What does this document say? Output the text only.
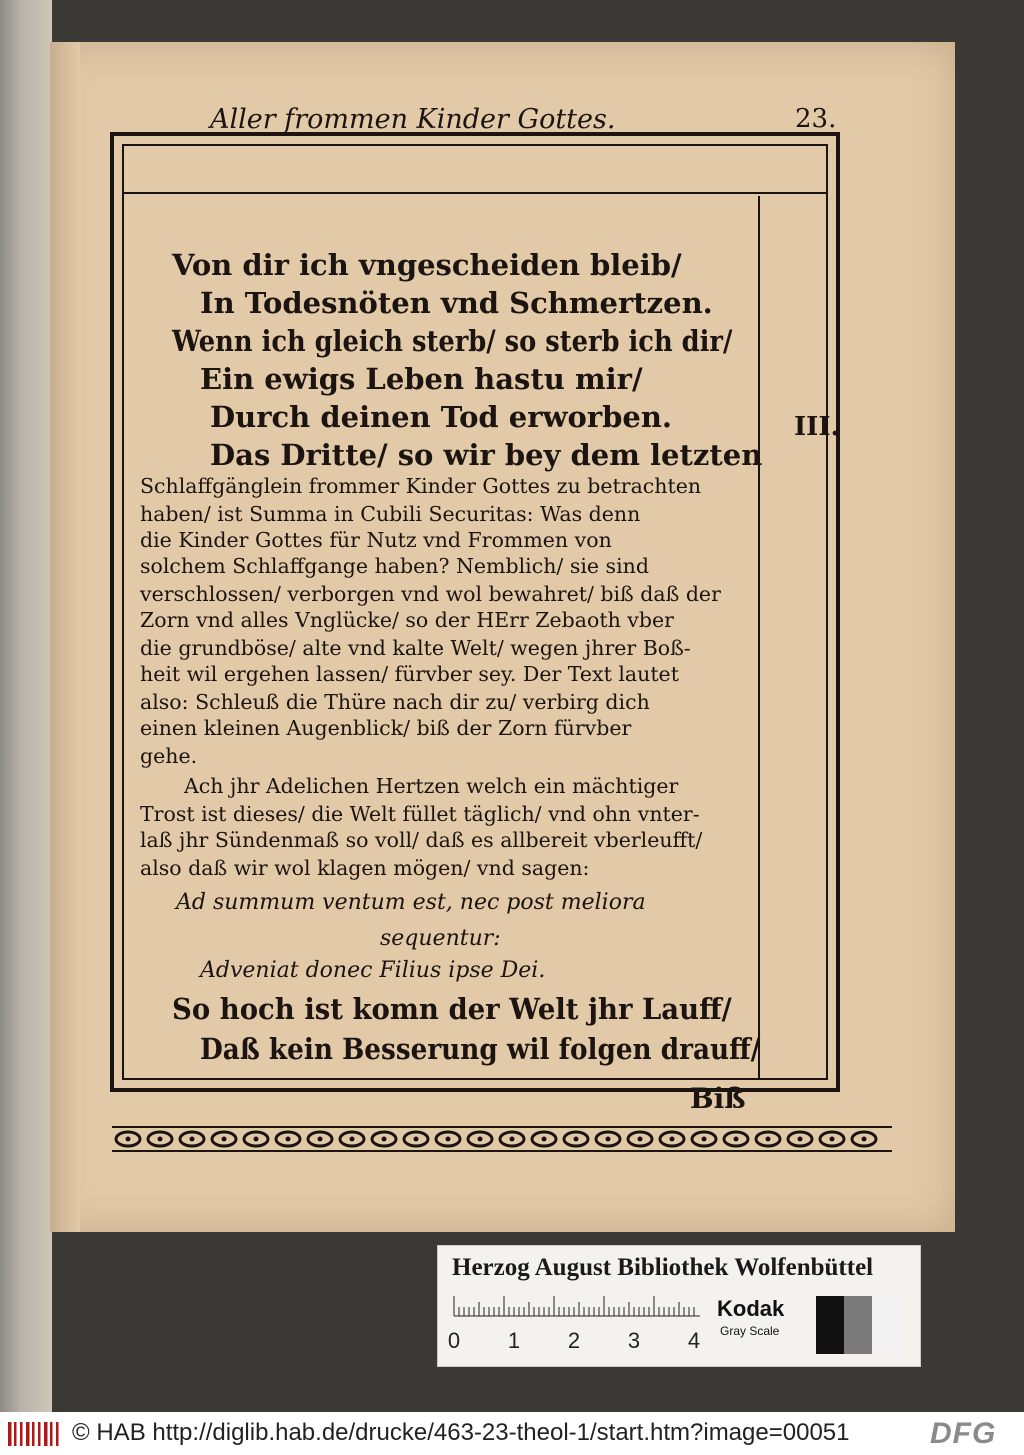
Aller frommen Kinder Gottes.	23.
III.
Von dir ich vngescheiden bleib/
In Todesnöten vnd Schmertzen.
Wenn ich gleich sterb/ so sterb ich dir/
Ein ewigs Leben hastu mir/
Durch deinen Tod erworben.
Das Dritte/ so wir bey dem letzten
Schlaffgänglein frommer Kinder Gottes zu betrachten
haben/ ist Summa in Cubili Securitas: Was denn
die Kinder Gottes für Nutz vnd Frommen von
solchem Schlaffgange haben? Nemblich/ sie sind
verschlossen/ verborgen vnd wol bewahret/ biß daß der
Zorn vnd alles Vnglücke/ so der HErr Zebaoth vber
die grundböse/ alte vnd kalte Welt/ wegen jhrer Boß-
heit wil ergehen lassen/ fürvber sey. Der Text lautet
also: Schleuß die Thüre nach dir zu/ verbirg dich
einen kleinen Augenblick/ biß der Zorn fürvber
gehe.
Ach jhr Adelichen Hertzen welch ein mächtiger
Trost ist dieses/ die Welt füllet täglich/ vnd ohn vnter-
laß jhr Sündenmaß so voll/ daß es allbereit vberleufft/
also daß wir wol klagen mögen/ vnd sagen:
Ad summum ventum est, nec post meliora
sequentur:
Adveniat donec Filius ipse Dei.
So hoch ist komn der Welt jhr Lauff/
Daß kein Besserung wil folgen drauff/
Biß
Herzog August Bibliothek Wolfenbüttel
0 1 2 3 4
Kodak
Gray Scale
© HAB http://diglib.hab.de/drucke/463-23-theol-1/start.htm?image=00051	DFG
